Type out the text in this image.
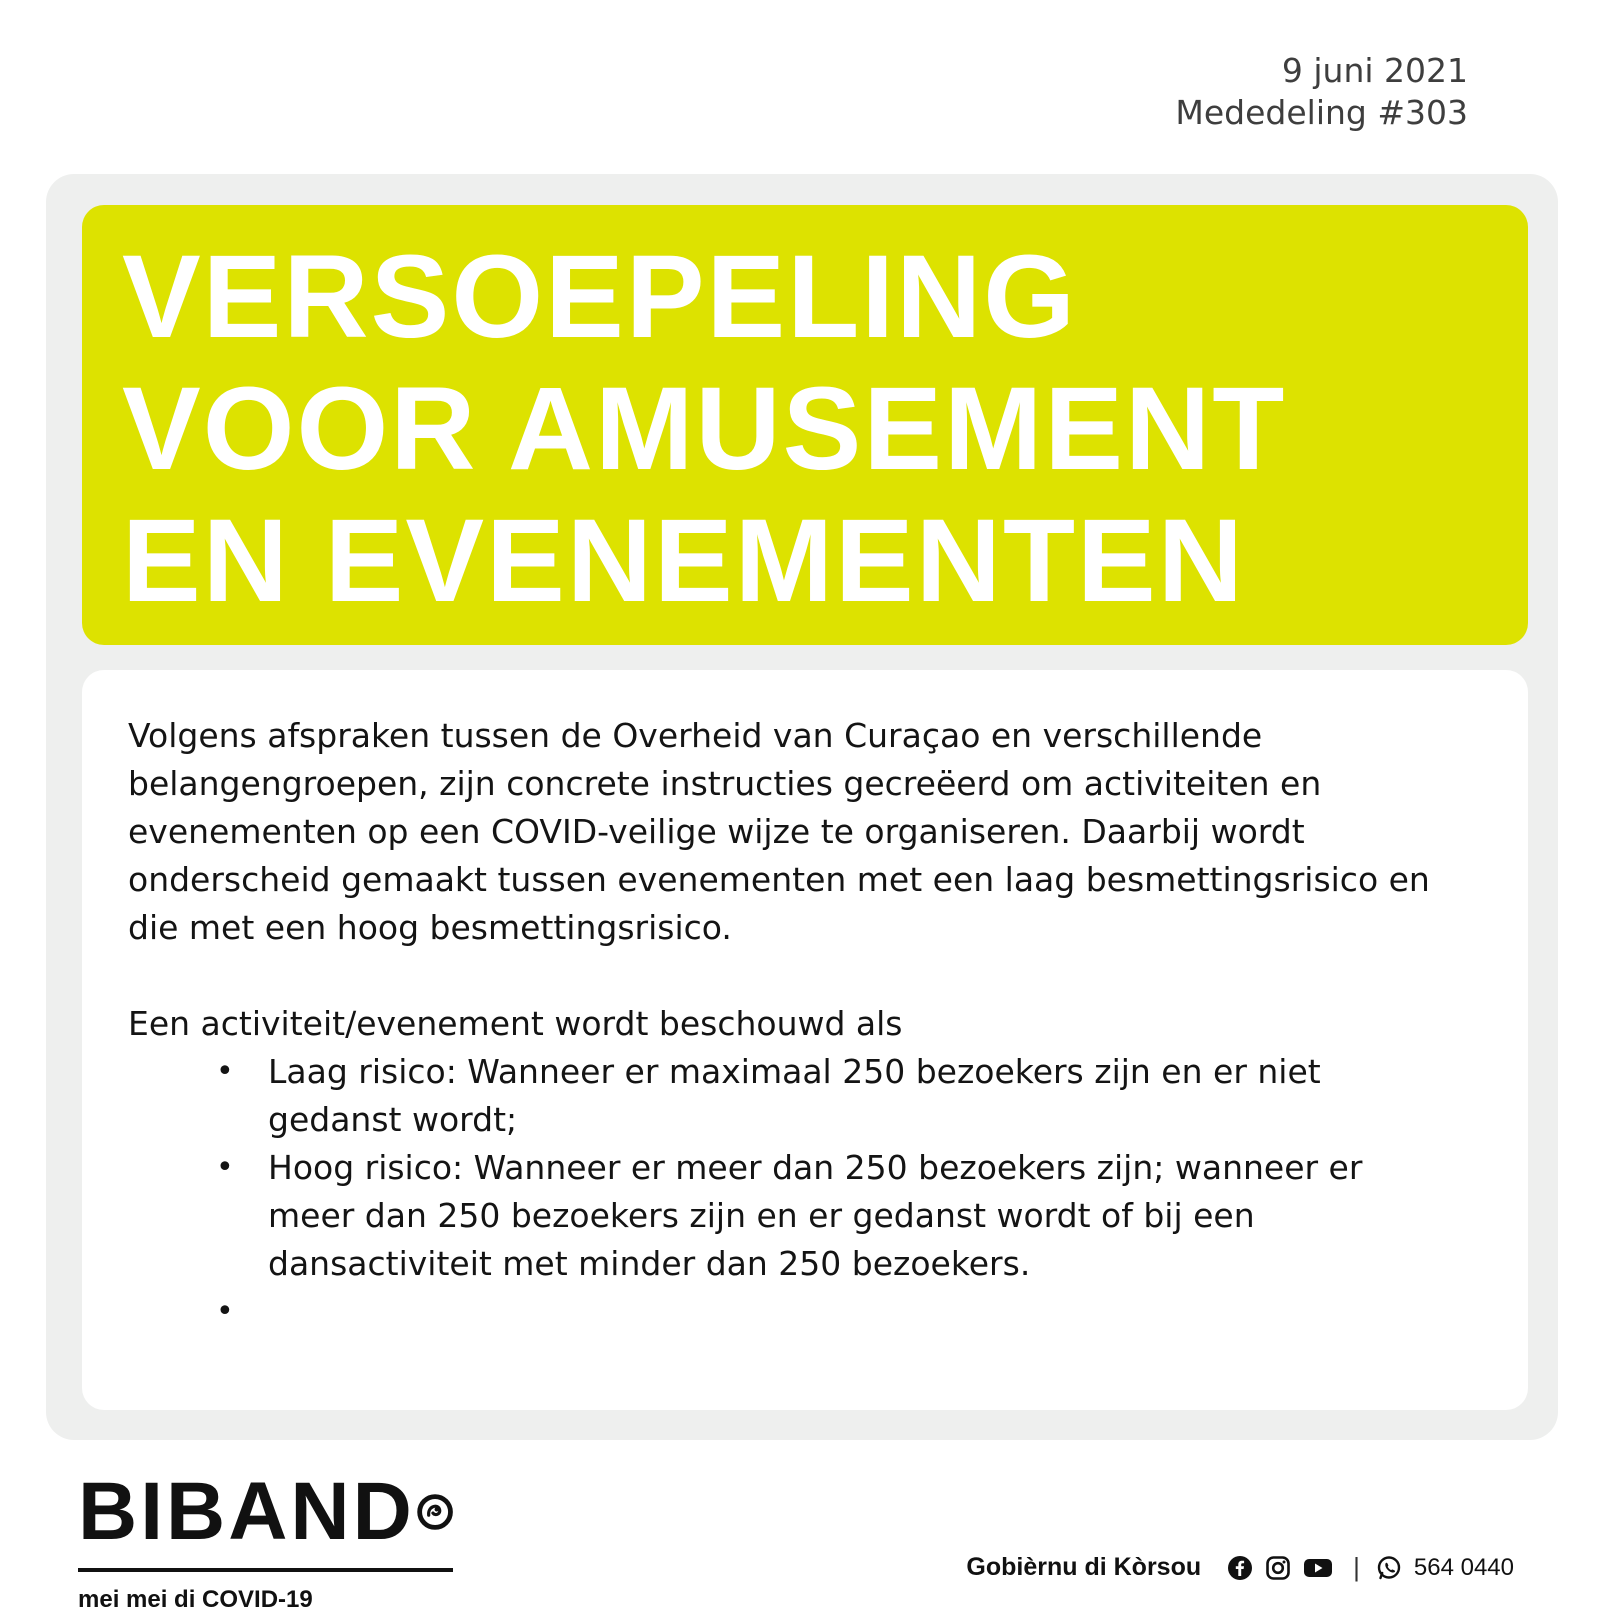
9 juni 2021
Mededeling #303
VERSOEPELING
VOOR AMUSEMENT
EN EVENEMENTEN

Volgens afspraken tussen de Overheid van Curaçao en verschillende belangengroepen, zijn concrete instructies gecreëerd om activiteiten en evenementen op een COVID-veilige wijze te organiseren. Daarbij wordt onderscheid gemaakt tussen evenementen met een laag besmettingsrisico en die met een hoog besmettingsrisico.

Een activiteit/evenement wordt beschouwd als

• Laag risico: Wanneer er maximaal 250 bezoekers zijn en er niet gedanst wordt;
• Hoog risico: Wanneer er meer dan 250 bezoekers zijn; wanneer er meer dan 250 bezoekers zijn en er gedanst wordt of bij een dansactiviteit met minder dan 250 bezoekers.
•
BIBAND
mei mei di COVID-19
Gobièrnu di Kòrsou	| 564 0440
